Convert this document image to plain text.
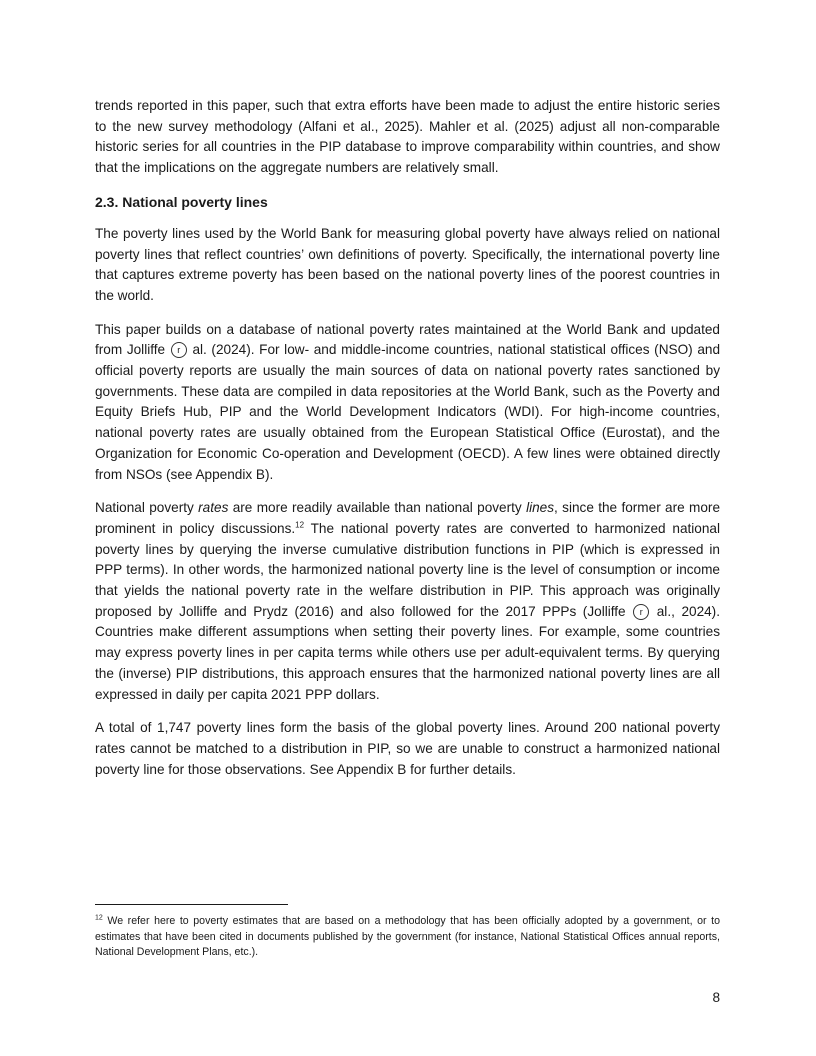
trends reported in this paper, such that extra efforts have been made to adjust the entire historic series to the new survey methodology (Alfani et al., 2025). Mahler et al. (2025) adjust all non-comparable historic series for all countries in the PIP database to improve comparability within countries, and show that the implications on the aggregate numbers are relatively small.

2.3. National poverty lines

The poverty lines used by the World Bank for measuring global poverty have always relied on national poverty lines that reflect countries’ own definitions of poverty. Specifically, the international poverty line that captures extreme poverty has been based on the national poverty lines of the poorest countries in the world.

This paper builds on a database of national poverty rates maintained at the World Bank and updated from Jolliffe r al. (2024). For low- and middle-income countries, national statistical offices (NSO) and official poverty reports are usually the main sources of data on national poverty rates sanctioned by governments. These data are compiled in data repositories at the World Bank, such as the Poverty and Equity Briefs Hub, PIP and the World Development Indicators (WDI). For high-income countries, national poverty rates are usually obtained from the European Statistical Office (Eurostat), and the Organization for Economic Co-operation and Development (OECD). A few lines were obtained directly from NSOs (see Appendix B).

National poverty rates are more readily available than national poverty lines, since the former are more prominent in policy discussions.$^{12}$ The national poverty rates are converted to harmonized national poverty lines by querying the inverse cumulative distribution functions in PIP (which is expressed in PPP terms). In other words, the harmonized national poverty line is the level of consumption or income that yields the national poverty rate in the welfare distribution in PIP. This approach was originally proposed by Jolliffe and Prydz (2016) and also followed for the 2017 PPPs (Jolliffe r al., 2024). Countries make different assumptions when setting their poverty lines. For example, some countries may express poverty lines in per capita terms while others use per adult-equivalent terms. By querying the (inverse) PIP distributions, this approach ensures that the harmonized national poverty lines are all expressed in daily per capita 2021 PPP dollars.

A total of 1,747 poverty lines form the basis of the global poverty lines. Around 200 national poverty rates cannot be matched to a distribution in PIP, so we are unable to construct a harmonized national poverty line for those observations. See Appendix B for further details.

$^{12}$ We refer here to poverty estimates that are based on a methodology that has been officially adopted by a government, or to estimates that have been cited in documents published by the government (for instance, National Statistical Offices annual reports, National Development Plans, etc.).
8
